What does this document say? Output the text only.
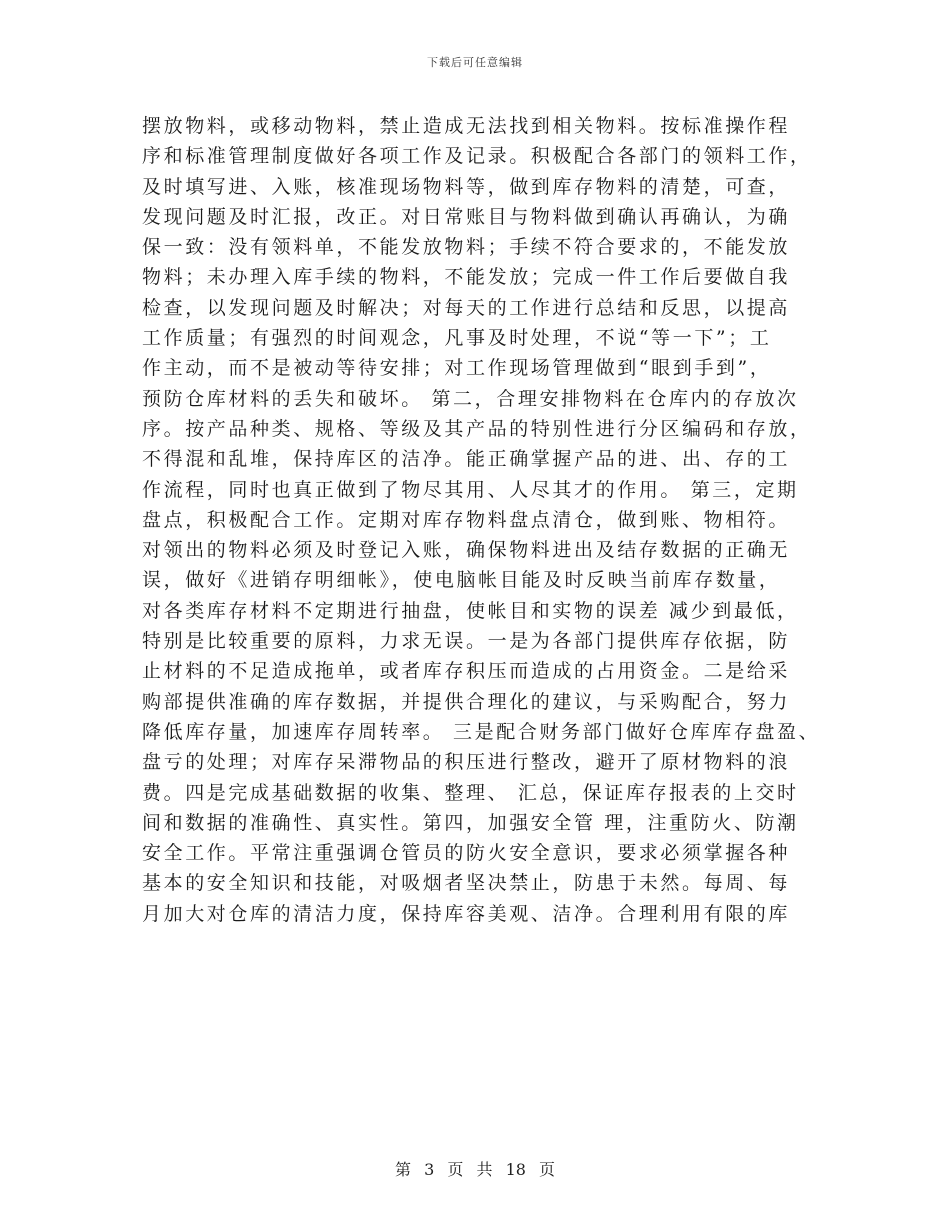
下载后可任意编辑
摆放物料，或移动物料，禁止造成无法找到相关物料。按标准操作程
序和标准管理制度做好各项工作及记录。积极配合各部门的领料工作，
及时填写进、入账，核准现场物料等，做到库存物料的清楚，可查，
发现问题及时汇报，改正。对日常账目与物料做到确认再确认，为确
保一致：没有领料单，不能发放物料；手续不符合要求的，不能发放
物料；未办理入库手续的物料，不能发放；完成一件工作后要做自我
检查，以发现问题及时解决；对每天的工作进行总结和反思，以提高
工作质量；有强烈的时间观念，凡事及时处理，不说“等一下”；工
作主动，而不是被动等待安排；对工作现场管理做到“眼到手到”，
预防仓库材料的丢失和破坏。 第二，合理安排物料在仓库内的存放次
序。按产品种类、规格、等级及其产品的特别性进行分区编码和存放，
不得混和乱堆，保持库区的洁净。能正确掌握产品的进、出、存的工
作流程，同时也真正做到了物尽其用、人尽其才的作用。 第三，定期
盘点，积极配合工作。定期对库存物料盘点清仓，做到账、物相符。
对领出的物料必须及时登记入账，确保物料进出及结存数据的正确无
误，做好《进销存明细帐》，使电脑帐目能及时反映当前库存数量，
对各类库存材料不定期进行抽盘，使帐目和实物的误差 减少到最低，
特别是比较重要的原料，力求无误。一是为各部门提供库存依据，防
止材料的不足造成拖单，或者库存积压而造成的占用资金。二是给采
购部提供准确的库存数据，并提供合理化的建议，与采购配合，努力
降低库存量，加速库存周转率。 三是配合财务部门做好仓库库存盘盈、
盘亏的处理；对库存呆滞物品的积压进行整改，避开了原材物料的浪
费。四是完成基础数据的收集、整理、 汇总，保证库存报表的上交时
间和数据的准确性、真实性。第四，加强安全管 理，注重防火、防潮
安全工作。平常注重强调仓管员的防火安全意识，要求必须掌握各种
基本的安全知识和技能，对吸烟者坚决禁止，防患于未然。每周、每
月加大对仓库的清洁力度，保持库容美观、洁净。合理利用有限的库
第 3 页 共 18 页
